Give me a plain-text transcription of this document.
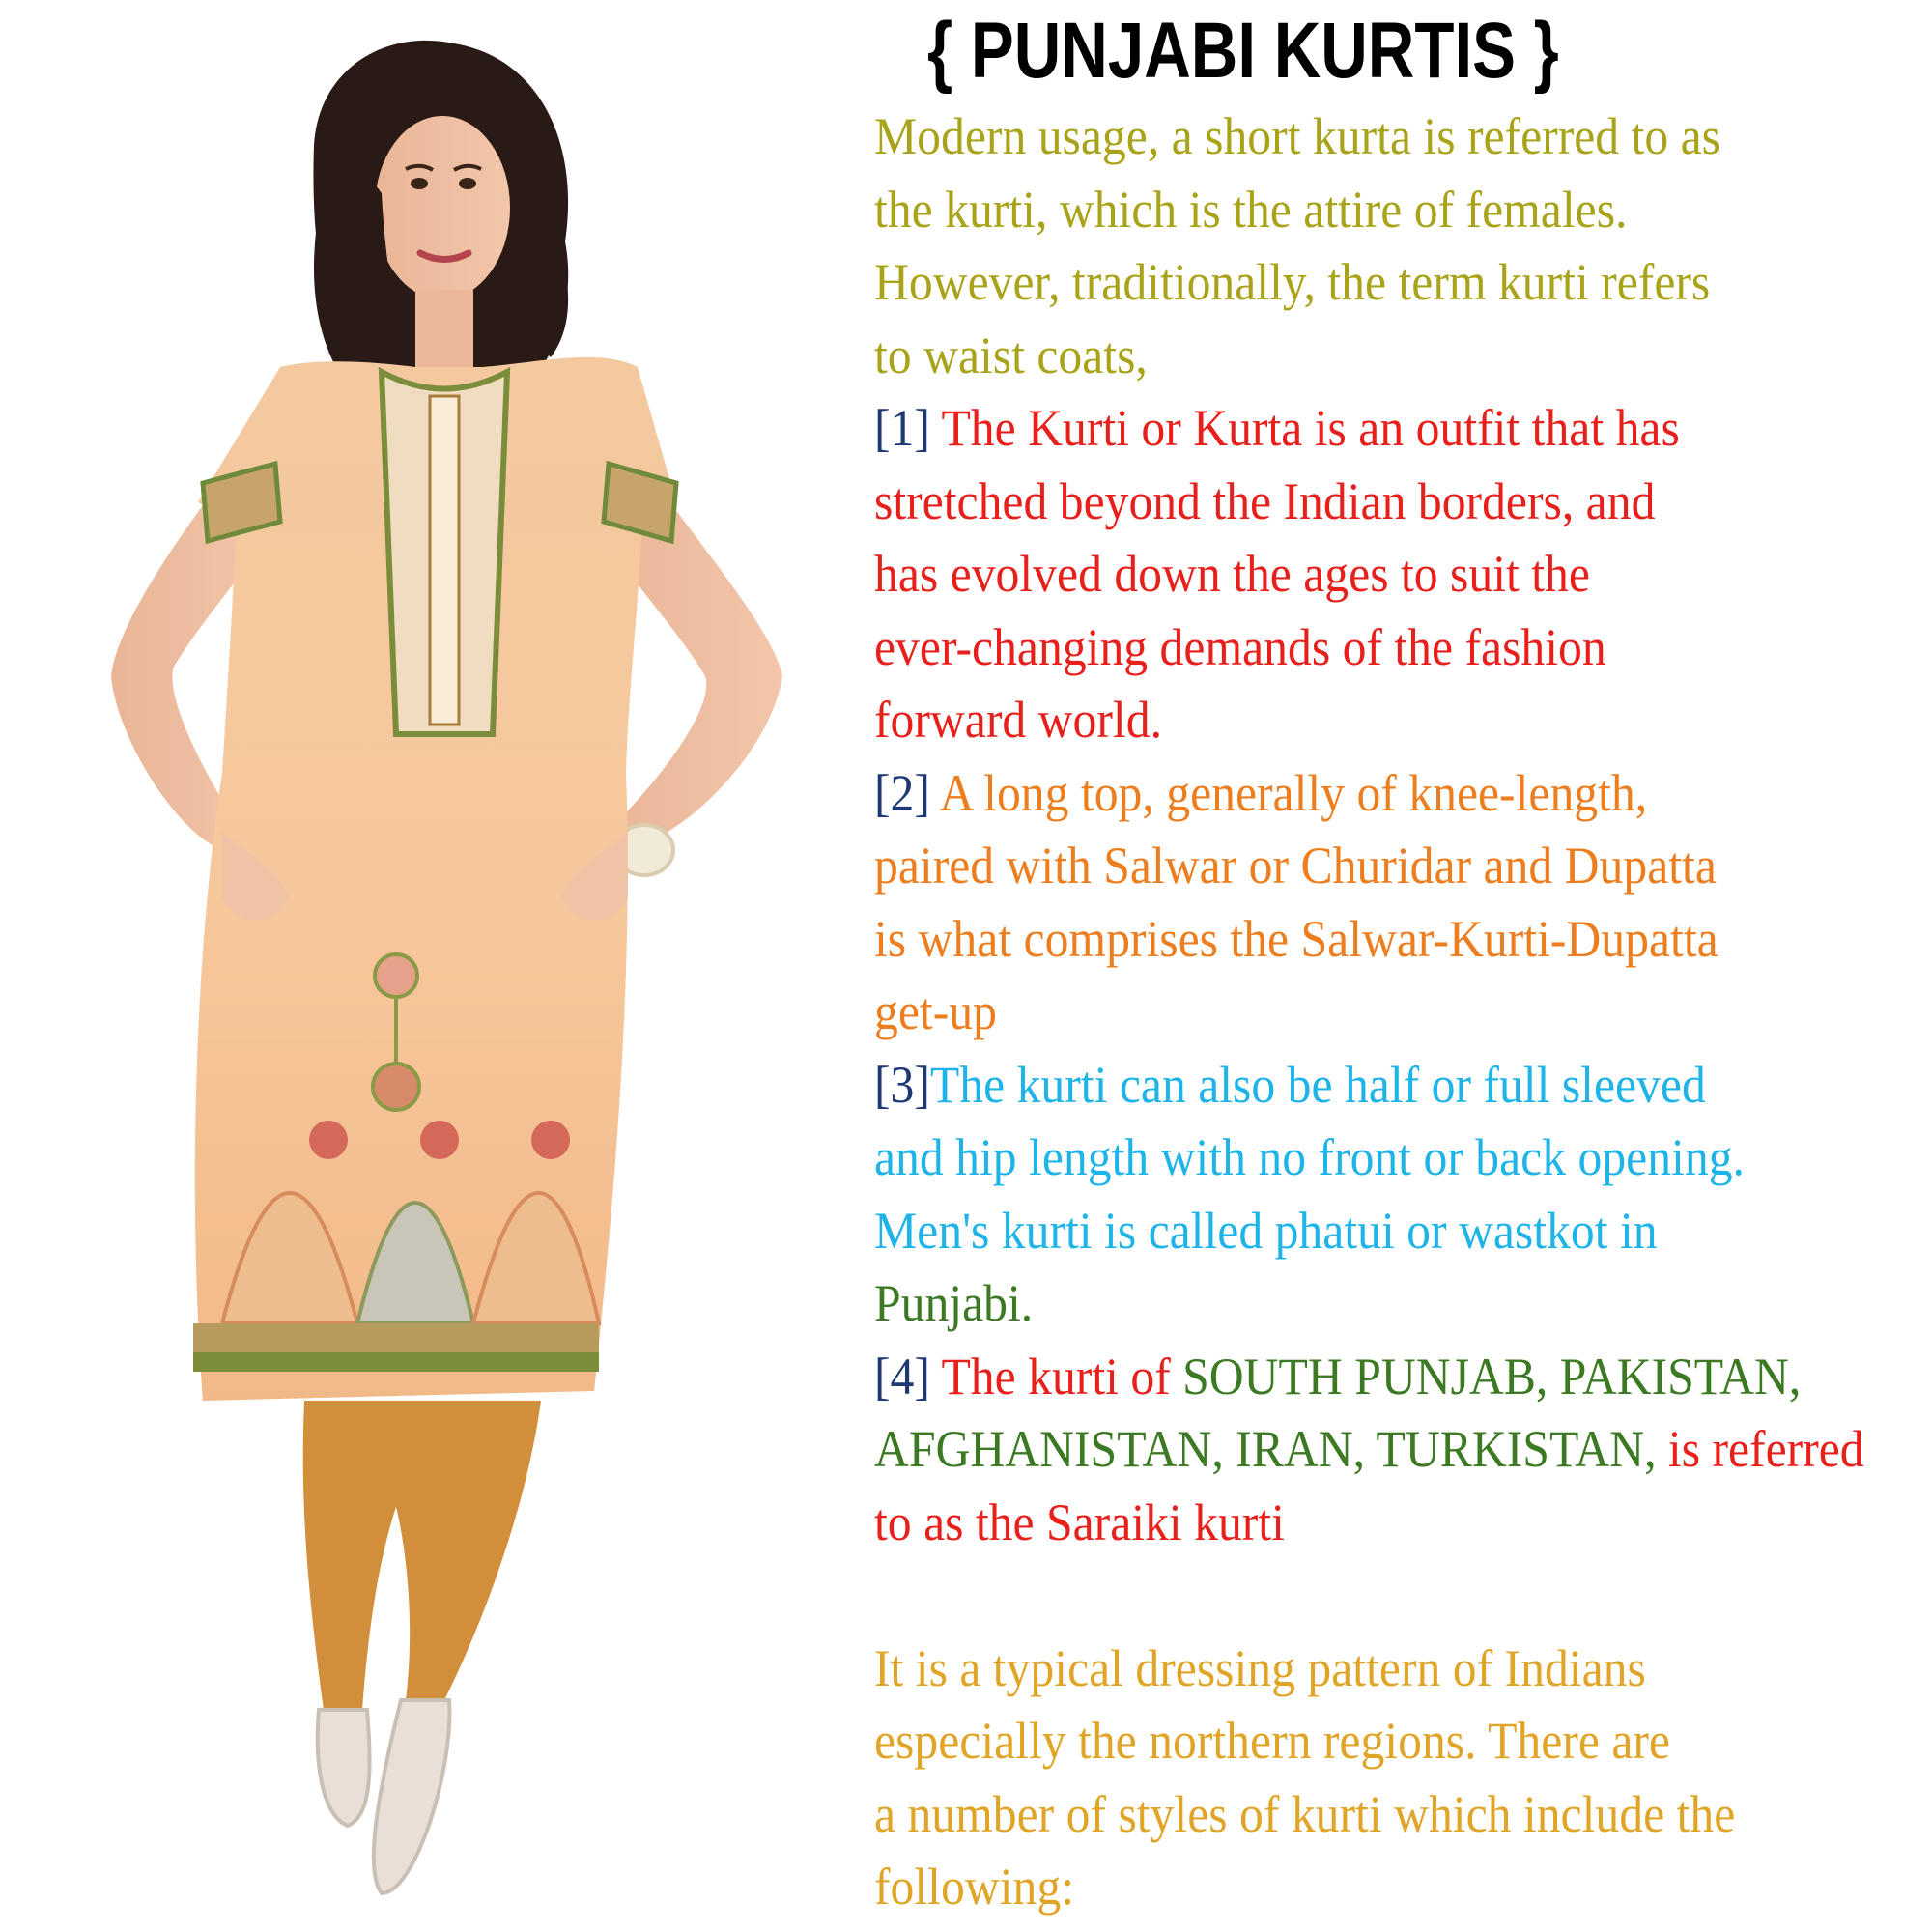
{ PUNJABI KURTIS }
Modern usage, a short kurta is referred to as
the kurti, which is the attire of females.
However, traditionally, the term kurti refers
to waist coats,
[1] The Kurti or Kurta is an outfit that has
stretched beyond the Indian borders, and
has evolved down the ages to suit the
ever-changing demands of the fashion
forward world.
[2] A long top, generally of knee-length,
paired with Salwar or Churidar and Dupatta
is what comprises the Salwar-Kurti-Dupatta
get-up
[3]The kurti can also be half or full sleeved
and hip length with no front or back opening.
Men's kurti is called phatui or wastkot in
Punjabi.
[4] The kurti of SOUTH PUNJAB, PAKISTAN,
AFGHANISTAN, IRAN, TURKISTAN, is referred
to as the Saraiki kurti
It is a typical dressing pattern of Indians
especially the northern regions. There are
a number of styles of kurti which include the
following:
